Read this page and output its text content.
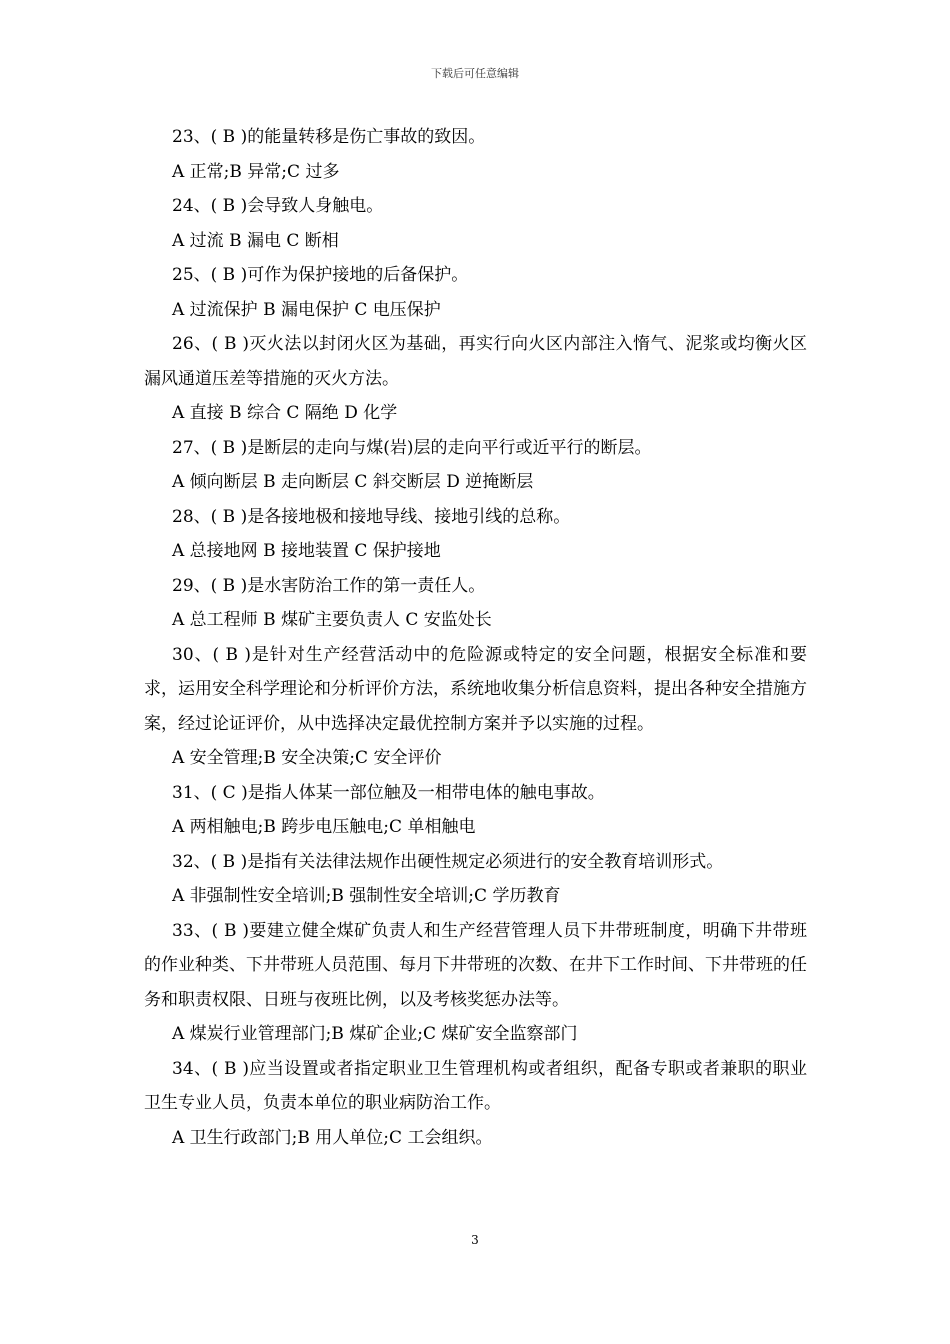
下载后可任意编辑
23、( B )的能量转移是伤亡事故的致因。
A 正常;B 异常;C 过多
24、( B )会导致人身触电。
A 过流 B 漏电 C 断相
25、( B )可作为保护接地的后备保护。
A 过流保护 B 漏电保护 C 电压保护
26、( B )灭火法以封闭火区为基础，再实行向火区内部注入惰气、泥浆或均衡火区漏风通道压差等措施的灭火方法。
A 直接 B 综合 C 隔绝 D 化学
27、( B )是断层的走向与煤(岩)层的走向平行或近平行的断层。
A 倾向断层 B 走向断层 C 斜交断层 D 逆掩断层
28、( B )是各接地极和接地导线、接地引线的总称。
A 总接地网 B 接地装置 C 保护接地
29、( B )是水害防治工作的第一责任人。
A 总工程师 B 煤矿主要负责人 C 安监处长
30、( B )是针对生产经营活动中的危险源或特定的安全问题，根据安全标准和要求，运用安全科学理论和分析评价方法，系统地收集分析信息资料，提出各种安全措施方案，经过论证评价，从中选择决定最优控制方案并予以实施的过程。
A 安全管理;B 安全决策;C 安全评价
31、( C )是指人体某一部位触及一相带电体的触电事故。
A 两相触电;B 跨步电压触电;C 单相触电
32、( B )是指有关法律法规作出硬性规定必须进行的安全教育培训形式。
A 非强制性安全培训;B 强制性安全培训;C 学历教育
33、( B )要建立健全煤矿负责人和生产经营管理人员下井带班制度，明确下井带班的作业种类、下井带班人员范围、每月下井带班的次数、在井下工作时间、下井带班的任务和职责权限、日班与夜班比例，以及考核奖惩办法等。
A 煤炭行业管理部门;B 煤矿企业;C 煤矿安全监察部门
34、( B )应当设置或者指定职业卫生管理机构或者组织，配备专职或者兼职的职业卫生专业人员，负责本单位的职业病防治工作。
A 卫生行政部门;B 用人单位;C 工会组织。
3
